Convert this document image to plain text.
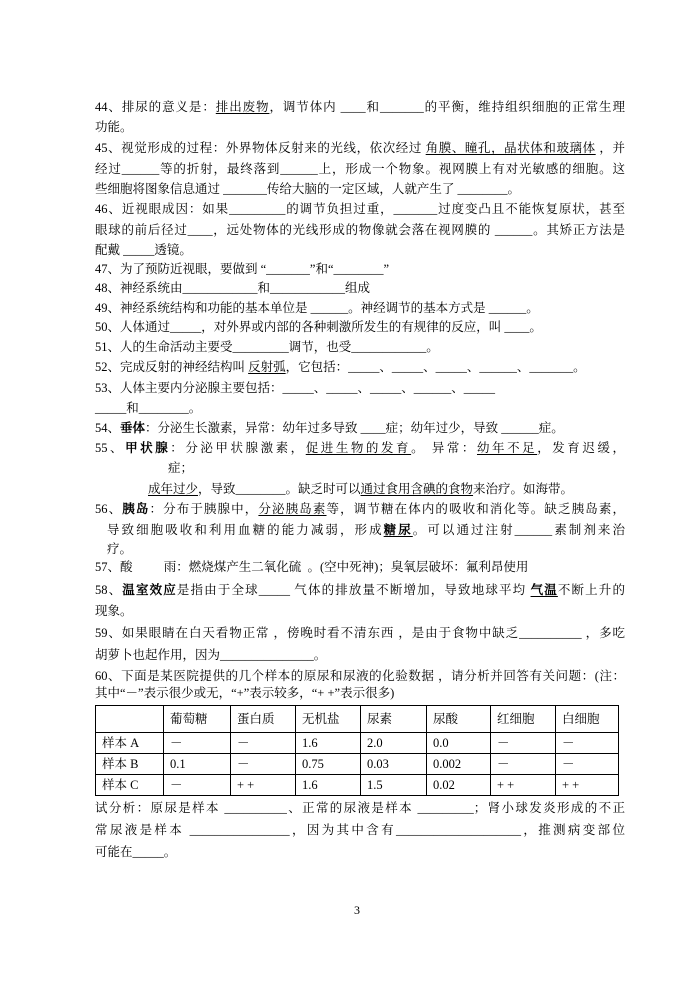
3
44、排尿的意义是：排出废物，调节体内 ____和_______的平衡，维持组织细胞的正常生理
功能。
45、视觉形成的过程：外界物体反射来的光线，依次经过 角膜、瞳孔，晶状体和玻璃体 ，并
经过______等的折射，最终落到______上，形成一个物象。视网膜上有对光敏感的细胞。这
些细胞将图象信息通过 _______传给大脑的一定区域，人就产生了 ________。
46、近视眼成因：如果_________的调节负担过重，_______过度变凸且不能恢复原状，甚至
眼球的前后径过____，远处物体的光线形成的物像就会落在视网膜的 ______。其矫正方法是
配戴 _____透镜。
47、为了预防近视眼，要做到 “_______”和“________”
48、神经系统由____________和____________组成
49、神经系统结构和功能的基本单位是 ______。神经调节的基本方式是 ______。
50、人体通过_____，对外界或内部的各种刺激所发生的有规律的反应，叫 ____。
51、人的生命活动主要受_________调节，也受____________。
52、完成反射的神经结构叫 反射弧，它包括：_____、_____、_____、______、_______。
53、人体主要内分泌腺主要包括：_____、_____、_____、______、_____
_____和________。
54、垂体：分泌生长激素，异常：幼年过多导致 ____症；幼年过少，导致 ______症。
55、甲状腺：分泌甲状腺激素，促进生物的发育。 异常：幼年不足，发育迟缓，
症；
成年过少，导致________。缺乏时可以通过食用含碘的食物来治疗。如海带。
56、胰岛：分布于胰腺中，分泌胰岛素等，调节糖在体内的吸收和消化等。缺乏胰岛素，
导致细胞吸收和利用血糖的能力减弱，形成糖尿。可以通过注射______素制剂来治
疗。
57、酸          雨：燃烧煤产生二氧化硫  。(空中死神)；臭氧层破坏：氟利昂使用
58、温室效应是指由于全球_____ 气体的排放量不断增加，导致地球平均 气温不断上升的
现象。
59、如果眼睛在白天看物正常 ，傍晚时看不清东西 ，是由于食物中缺乏__________ ，多吃
胡萝卜也起作用，因为_______________。
60、下面是某医院提供的几个样本的原尿和尿液的化验数据 ，请分析并回答有关问题：(注：
其中“－”表示很少或无，“+”表示较多，“+ +”表示很多)
	葡萄糖	蛋白质	无机盐	尿素	尿酸	红细胞	白细胞
样本 A	－	－	1.6	2.0	0.0	－	－
样本 B	0.1	－	0.75	0.03	0.002	－	－
样本 C	－	+ +	1.6	1.5	0.02	+ +	+ +
试分析：原尿是样本 __________、正常的尿液是样本 _________；肾小球发炎形成的不正
常尿液是样本 ________________，因为其中含有____________________，推测病变部位
可能在_____。
